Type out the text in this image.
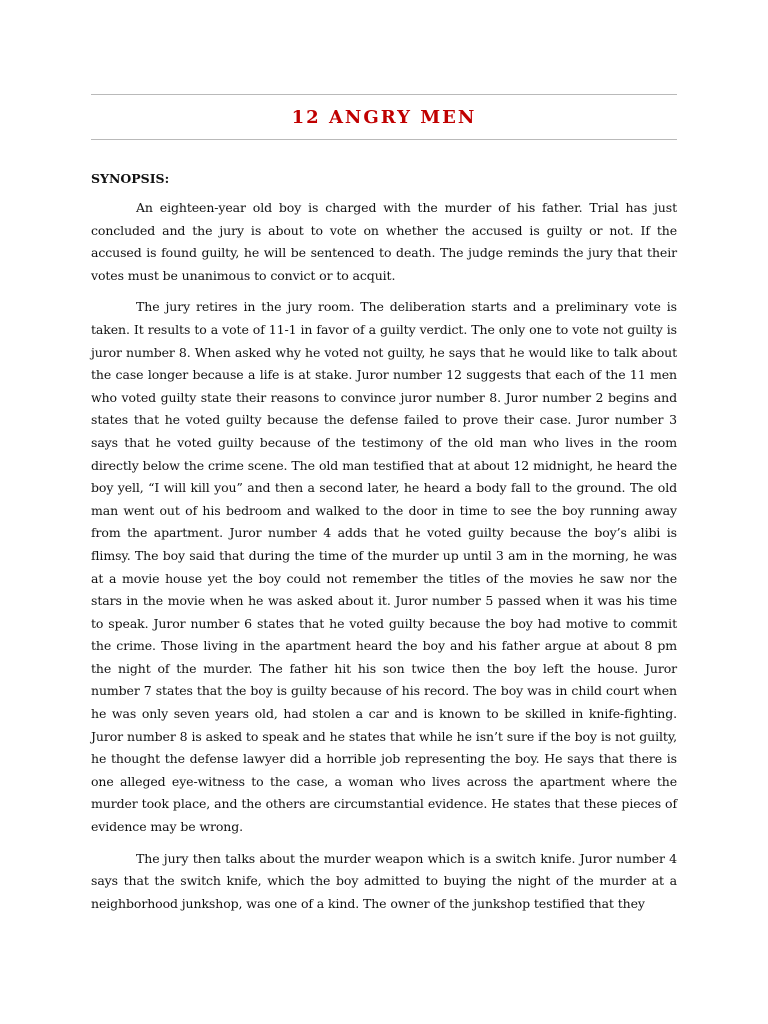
12 ANGRY MEN
SYNOPSIS:

An eighteen-year old boy is charged with the murder of his father. Trial has just concluded and the jury is about to vote on whether the accused is guilty or not. If the accused is found guilty, he will be sentenced to death. The judge reminds the jury that their votes must be unanimous to convict or to acquit.

The jury retires in the jury room. The deliberation starts and a preliminary vote is taken. It results to a vote of 11-1 in favor of a guilty verdict. The only one to vote not guilty is juror number 8. When asked why he voted not guilty, he says that he would like to talk about the case longer because a life is at stake. Juror number 12 suggests that each of the 11 men who voted guilty state their reasons to convince juror number 8. Juror number 2 begins and states that he voted guilty because the defense failed to prove their case. Juror number 3 says that he voted guilty because of the testimony of the old man who lives in the room directly below the crime scene. The old man testified that at about 12 midnight, he heard the boy yell, “I will kill you” and then a second later, he heard a body fall to the ground. The old man went out of his bedroom and walked to the door in time to see the boy running away from the apartment. Juror number 4 adds that he voted guilty because the boy’s alibi is flimsy. The boy said that during the time of the murder up until 3 am in the morning, he was at a movie house yet the boy could not remember the titles of the movies he saw nor the stars in the movie when he was asked about it. Juror number 5 passed when it was his time to speak. Juror number 6 states that he voted guilty because the boy had motive to commit the crime. Those living in the apartment heard the boy and his father argue at about 8 pm the night of the murder. The father hit his son twice then the boy left the house. Juror number 7 states that the boy is guilty because of his record. The boy was in child court when he was only seven years old, had stolen a car and is known to be skilled in knife-fighting. Juror number 8 is asked to speak and he states that while he isn’t sure if the boy is not guilty, he thought the defense lawyer did a horrible job representing the boy. He says that there is one alleged eye-witness to the case, a woman who lives across the apartment where the murder took place, and the others are circumstantial evidence. He states that these pieces of evidence may be wrong.

The jury then talks about the murder weapon which is a switch knife. Juror number 4 says that the switch knife, which the boy admitted to buying the night of the murder at a neighborhood junkshop, was one of a kind. The owner of the junkshop testified that they
